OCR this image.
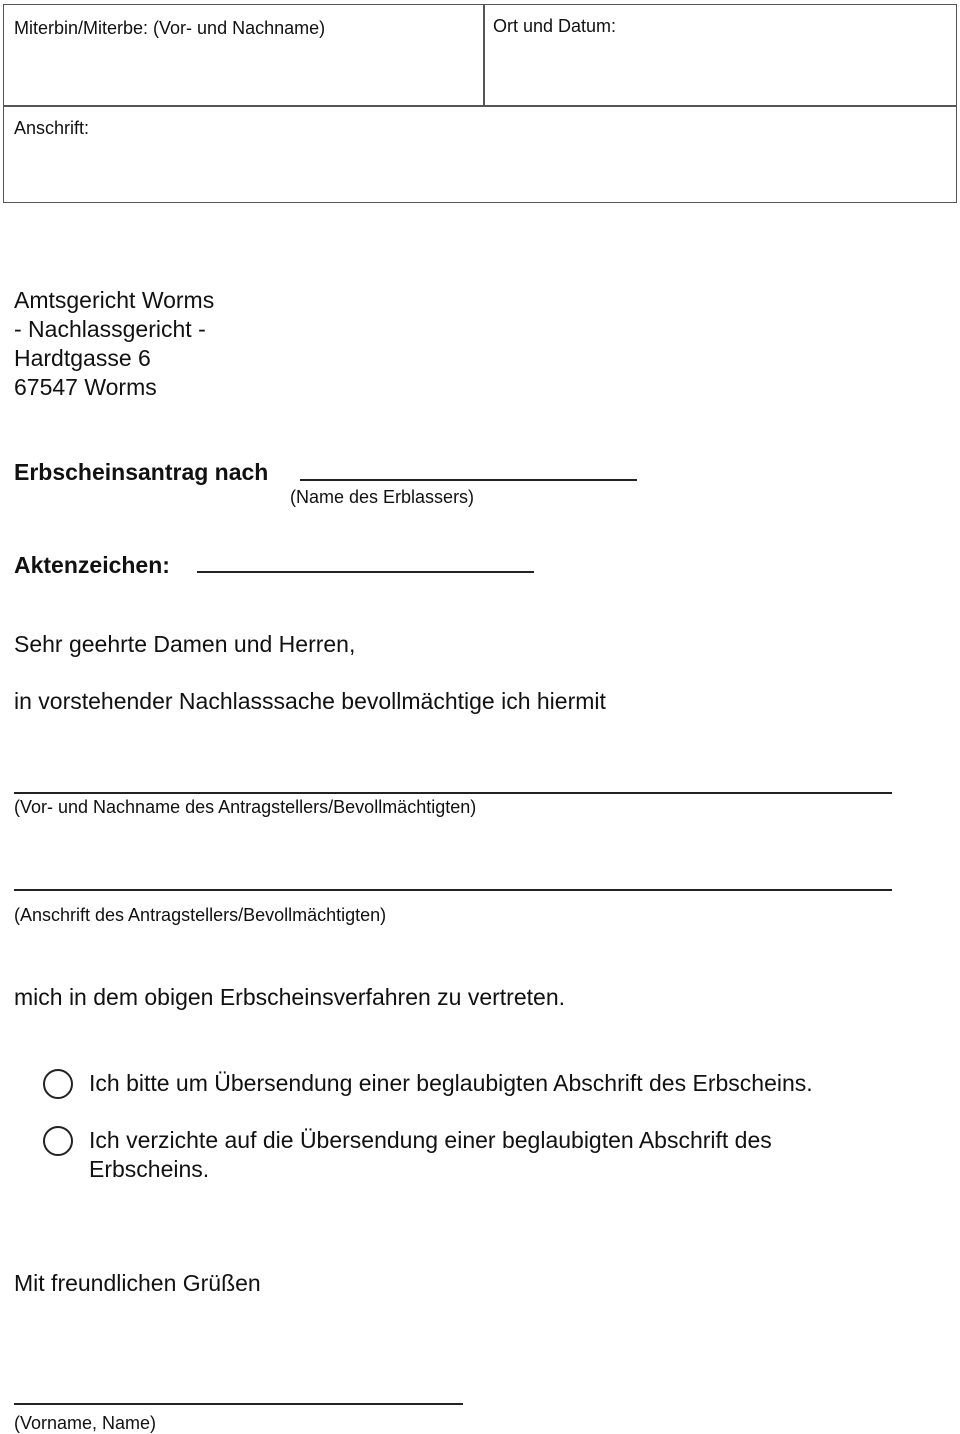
Miterbin/Miterbe: (Vor- und Nachname)	Ort und Datum:
Anschrift:
Amtsgericht Worms
- Nachlassgericht -
Hardtgasse 6
67547 Worms
Erbscheinsantrag nach
(Name des Erblassers)
Aktenzeichen:
Sehr geehrte Damen und Herren,
in vorstehender Nachlasssache bevollmächtige ich hiermit
(Vor- und Nachname des Antragstellers/Bevollmächtigten)
(Anschrift des Antragstellers/Bevollmächtigten)
mich in dem obigen Erbscheinsverfahren zu vertreten.
Ich bitte um Übersendung einer beglaubigten Abschrift des Erbscheins.
Ich verzichte auf die Übersendung einer beglaubigten Abschrift des
Erbscheins.
Mit freundlichen Grüßen
(Vorname, Name)
